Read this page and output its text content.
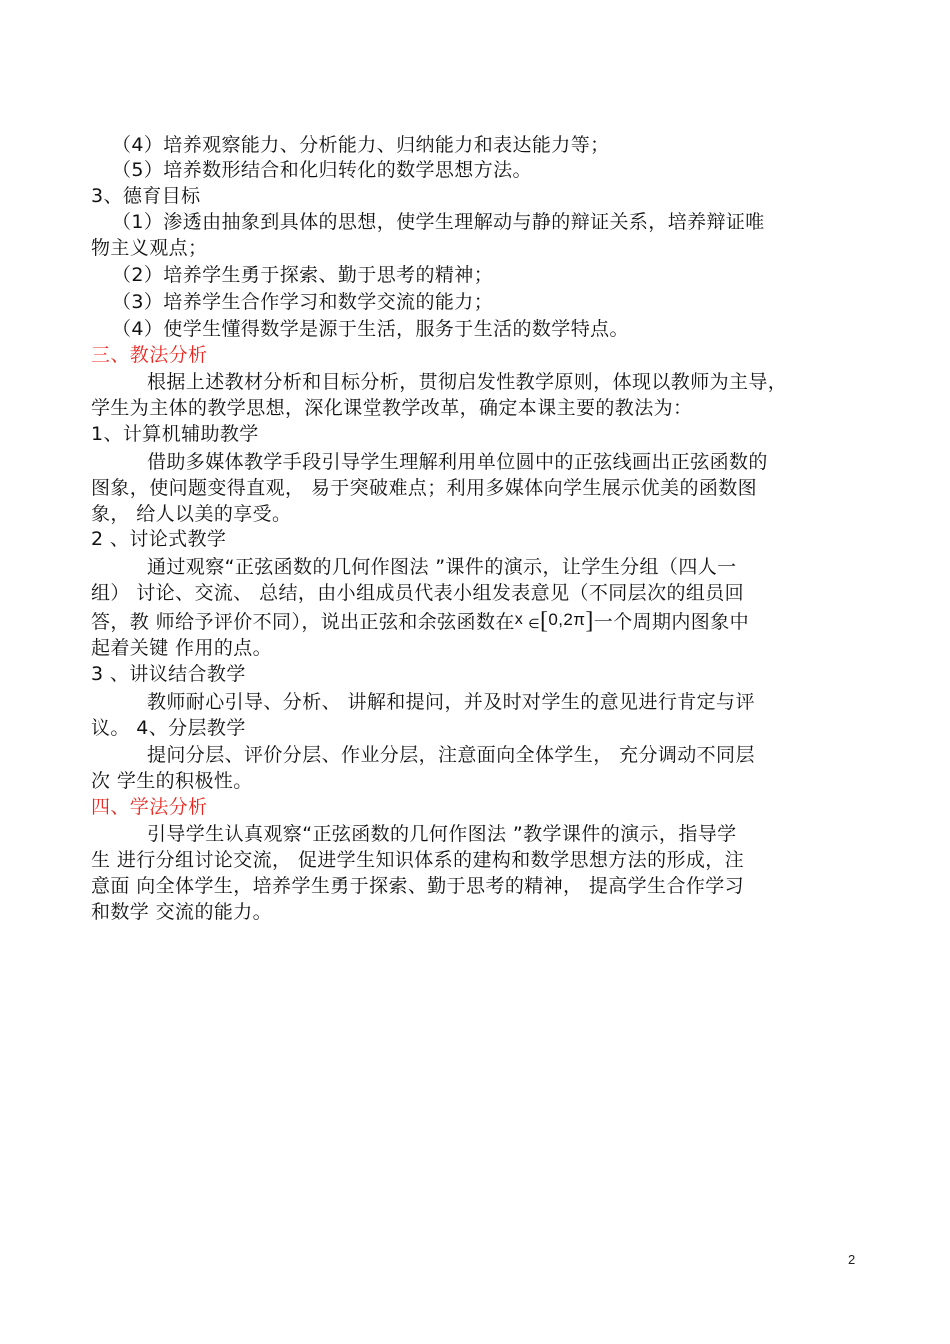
（4）培养观察能力、分析能力、归纳能力和表达能力等；
（5）培养数形结合和化归转化的数学思想方法。
3、德育目标
（1）渗透由抽象到具体的思想，使学生理解动与静的辩证关系，培养辩证唯
物主义观点；
（2）培养学生勇于探索、勤于思考的精神；
（3）培养学生合作学习和数学交流的能力；
（4）使学生懂得数学是源于生活，服务于生活的数学特点。
三、教法分析
根据上述教材分析和目标分析，贯彻启发性教学原则，体现以教师为主导，
学生为主体的教学思想，深化课堂教学改革，确定本课主要的教法为：
1、计算机辅助教学
借助多媒体教学手段引导学生理解利用单位圆中的正弦线画出正弦函数的
图象，使问题变得直观， 易于突破难点；利用多媒体向学生展示优美的函数图
象， 给人以美的享受。
2 、讨论式教学
通过观察“正弦函数的几何作图法 ”课件的演示，让学生分组（四人一
组） 讨论、交流、 总结，由小组成员代表小组发表意见（不同层次的组员回
答，教 师给予评价不同），说出正弦和余弦函数在x ∈[0,2π]一个周期内图象中
起着关键 作用的点。
3 、讲议结合教学
教师耐心引导、分析、 讲解和提问，并及时对学生的意见进行肯定与评
议。 4、分层教学
提问分层、评价分层、作业分层，注意面向全体学生， 充分调动不同层
次 学生的积极性。
四、学法分析
引导学生认真观察“正弦函数的几何作图法 ”教学课件的演示，指导学
生 进行分组讨论交流， 促进学生知识体系的建构和数学思想方法的形成，注
意面 向全体学生，培养学生勇于探索、勤于思考的精神， 提高学生合作学习
和数学 交流的能力。
2
